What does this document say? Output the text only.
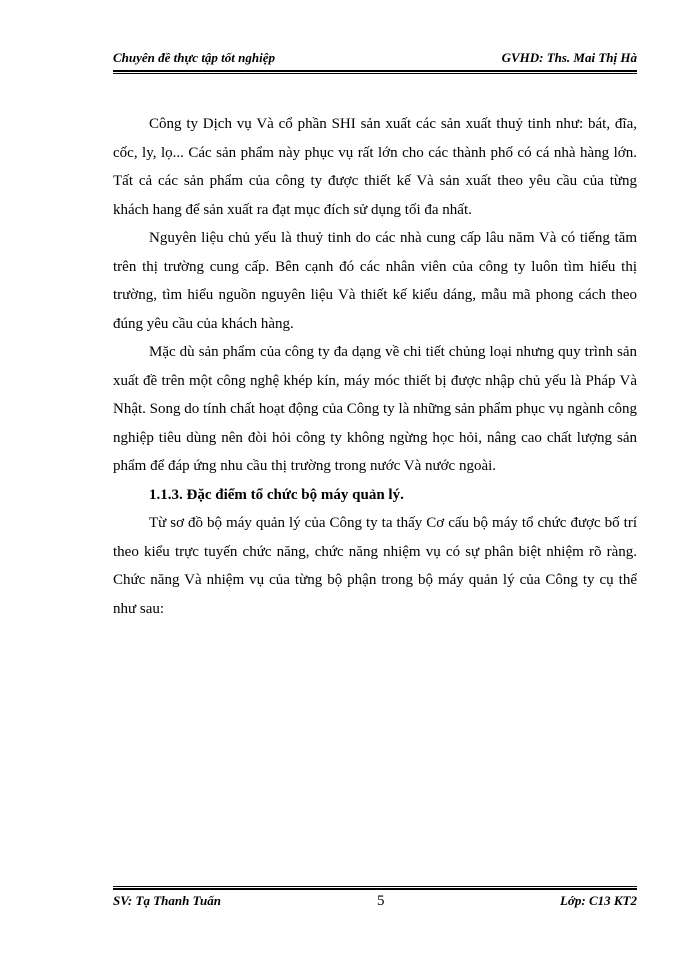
Chuyên đề thực tập tốt nghiệp	GVHD: Ths. Mai Thị Hà

Công ty Dịch vụ Và cổ phần SHI sản xuất các sản xuất thuỷ tinh như: bát, đĩa, cốc, ly, lọ... Các sản phẩm này phục vụ rất lớn cho các thành phố có cá nhà hàng lớn. Tất cả các sản phẩm của công ty được thiết kế Và sản xuất theo yêu cầu của từng khách hang để sản xuất ra đạt mục đích sử dụng tối đa nhất.

Nguyên liệu chủ yếu là thuỷ tinh do các nhà cung cấp lâu năm Và có tiếng tăm trên thị trường cung cấp. Bên cạnh đó các nhân viên của công ty luôn tìm hiểu thị trường, tìm hiểu nguồn nguyên liệu Và thiết kế kiểu dáng, mẫu mã phong cách theo đúng yêu cầu của khách hàng.

Mặc dù sản phẩm của công ty đa dạng về chi tiết chủng loại nhưng quy trình sản xuất đề trên một công nghệ khép kín, máy móc thiết bị được nhập chủ yếu là Pháp Và Nhật. Song do tính chất hoạt động của Công ty là những sản phẩm phục vụ ngành công nghiệp tiêu dùng nên đòi hỏi công ty không ngừng học hỏi, nâng cao chất lượng sản phẩm để đáp ứng nhu cầu thị trường trong nước Và nước ngoài.

1.1.3. Đặc điểm tổ chức bộ máy quản lý.

Từ sơ đồ bộ máy quản lý của Công ty ta thấy Cơ cấu bộ máy tổ chức được bố trí theo kiểu trực tuyến chức năng, chức năng nhiệm vụ có sự phân biệt nhiệm rõ ràng. Chức năng Và nhiệm vụ của từng bộ phận trong bộ máy quản lý của Công ty cụ thể như sau:

SV: Tạ Thanh Tuấn	5	Lớp: C13 KT2
